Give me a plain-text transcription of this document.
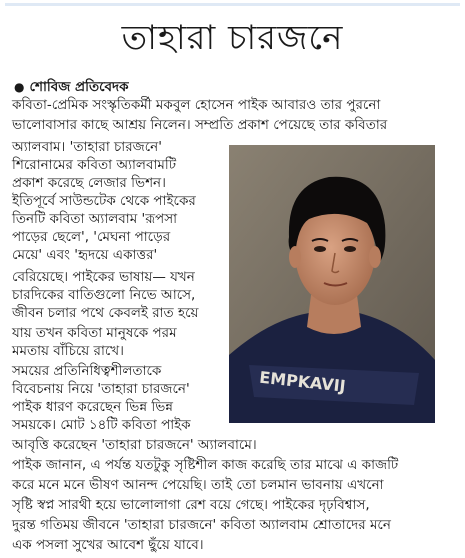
তাহারা চারজনে
● শোবিজ প্রতিবেদক
কবিতা-প্রেমিক সংস্কৃতিকর্মী মকবুল হোসেন পাইক আবারও তার পুরনো
ভালোবাসার কাছে আশ্রয় নিলেন। সম্প্রতি প্রকাশ পেয়েছে তার কবিতার
অ্যালবাম। 'তাহারা চারজনে'
শিরোনামের কবিতা অ্যালবামটি
প্রকাশ করেছে লেজার ভিশন।
ইতিপূর্বে সাউন্ডটেক থেকে পাইকের
তিনটি কবিতা অ্যালবাম 'রূপসা
পাড়ের ছেলে', 'মেঘনা পাড়ের
মেয়ে' এবং 'হৃদয়ে একাত্তর'
বেরিয়েছে। পাইকের ভাষায়— যখন
চারদিকের বাতিগুলো নিভে আসে,
জীবন চলার পথে কেবলই রাত হয়ে
যায় তখন কবিতা মানুষকে পরম
মমতায় বাঁচিয়ে রাখে।
সময়ের প্রতিনিধিত্বশীলতাকে
বিবেচনায় নিয়ে 'তাহারা চারজনে'
পাইক ধারণ করেছেন ভিন্ন ভিন্ন
সময়কে। মোট ১৪টি কবিতা পাইক
আবৃত্তি করেছেন 'তাহারা চারজনে' অ্যালবামে।
পাইক জানান, এ পর্যন্ত যতটুকু সৃষ্টিশীল কাজ করেছি তার মাঝে এ কাজটি
করে মনে মনে ভীষণ আনন্দ পেয়েছি। তাই তো চলমান ভাবনায় এখনো
সৃষ্টি স্বপ্ন সারথী হয়ে ভালোলাগা রেশ বয়ে গেছে। পাইকের দৃঢ়বিশ্বাস,
দুরন্ত গতিময় জীবনে 'তাহারা চারজনে' কবিতা অ্যালবাম শ্রোতাদের মনে
এক পসলা সুখের আবেশ ছুঁয়ে যাবে।
EMPKAVIJ
